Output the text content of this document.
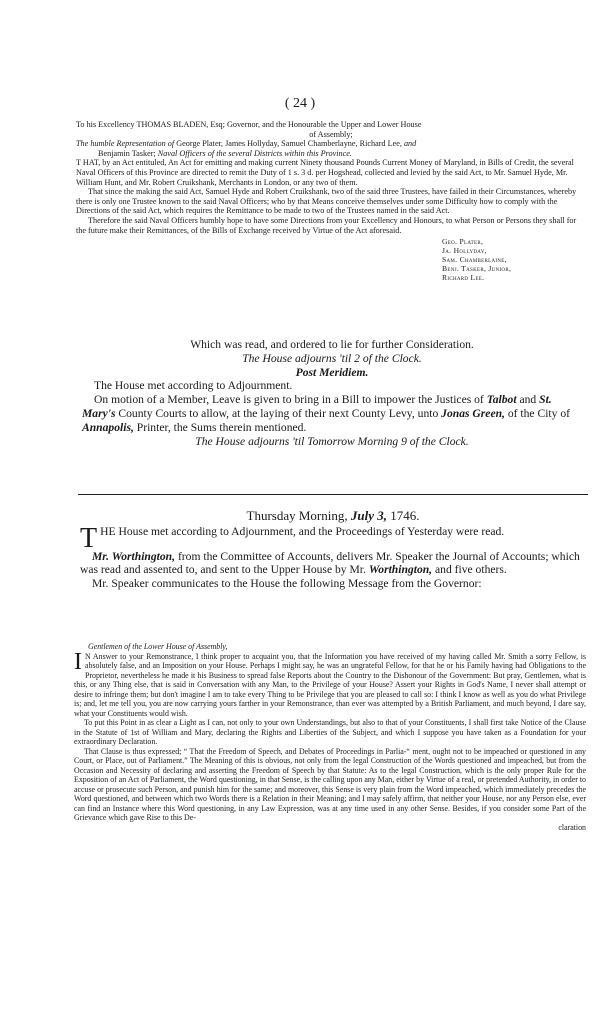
( 24 )

To his Excellency THOMAS BLADEN, Esq; Governor, and the Honourable the Upper and Lower House

of Assembly;

The humble Representation of George Plater, James Hollyday, Samuel Chamberlayne, Richard Lee, and

Benjamin Tasker; Naval Officers of the several Districts within this Province.

T HAT, by an Act entituled, An Act for emitting and making current Ninety thousand Pounds Current Money of Maryland, in Bills of Credit, the several Naval Officers of this Province are directed to remit the Duty of 1 s. 3 d. per Hogshead, collected and levied by the said Act, to Mr. Samuel Hyde, Mr. William Hunt, and Mr. Robert Cruikshank, Merchants in London, or any two of them.

That since the making the said Act, Samuel Hyde and Robert Cruikshank, two of the said three Trustees, have failed in their Circumstances, whereby there is only one Trustee known to the said Naval Officers; who by that Means conceive themselves under some Difficulty how to comply with the Directions of the said Act, which requires the Remittance to be made to two of the Trustees named in the said Act.

Therefore the said Naval Officers humbly hope to have some Directions from your Excellency and Honours, to what Person or Persons they shall for the future make their Remittances, of the Bills of Exchange received by Virtue of the Act aforesaid.

Geo. Plater,
Ja. Hollyday,
Sam. Chamberlaine,
Benj. Tasker, Junior,
Richard Lee.

Which was read, and ordered to lie for further Consideration.

The House adjourns 'til 2 of the Clock.

Post Meridiem.

The House met according to Adjournment.

On motion of a Member, Leave is given to bring in a Bill to impower the Justices of Talbot and St. Mary's County Courts to allow, at the laying of their next County Levy, unto Jonas Green, of the City of Annapolis, Printer, the Sums therein mentioned.

The House adjourns 'til Tomorrow Morning 9 of the Clock.

Thursday Morning, July 3, 1746.

THE House met according to Adjournment, and the Proceedings of Yesterday were read.

Mr. Worthington, from the Committee of Accounts, delivers Mr. Speaker the Journal of Accounts; which was read and assented to, and sent to the Upper House by Mr. Worthington, and five others.

Mr. Speaker communicates to the House the following Message from the Governor:

Gentlemen of the Lower House of Assembly,

I N Answer to your Remonstrance, I think proper to acquaint you, that the Information you have received of my having called Mr. Smith a sorry Fellow, is absolutely false, and an Imposition on your House. Perhaps I might say, he was an ungrateful Fellow, for that he or his Family having had Obligations to the Proprietor, nevertheless he made it his Business to spread false Reports about the Country to the Dishonour of the Government: But pray, Gentlemen, what is this, or any Thing else, that is said in Conversation with any Man, to the Privilege of your House? Assert your Rights in God's Name, I never shall attempt or desire to infringe them; but don't imagine I am to take every Thing to be Privilege that you are pleased to call so: I think I know as well as you do what Privilege is; and, let me tell you, you are now carrying yours farther in your Remonstrance, than ever was attempted by a British Parliament, and much beyond, I dare say, what your Constituents would wish.

To put this Point in as clear a Light as I can, not only to your own Understandings, but also to that of your Constituents, I shall first take Notice of the Clause in the Statute of 1st of William and Mary, declaring the Rights and Liberties of the Subject, and which I suppose you have taken as a Foundation for your extraordinary Declaration.

That Clause is thus expressed; “ That the Freedom of Speech, and Debates of Proceedings in Parlia-“ ment, ought not to be impeached or questioned in any Court, or Place, out of Parliament.” The Meaning of this is obvious, not only from the legal Construction of the Words questioned and impeached, but from the Occasion and Necessity of declaring and asserting the Freedom of Speech by that Statute: As to the legal Construction, which is the only proper Rule for the Exposition of an Act of Parliament, the Word questioning, in that Sense, is the calling upon any Man, either by Virtue of a real, or pretended Authority, in order to accuse or prosecute such Person, and punish him for the same; and moreover, this Sense is very plain from the Word impeached, which immediately precedes the Word questioned, and between which two Words there is a Relation in their Meaning; and I may safely affirm, that neither your House, nor any Person else, ever can find an Instance where this Word questioning, in any Law Expression, was at any time used in any other Sense. Besides, if you consider some Part of the Grievance which gave Rise to this De-

claration
